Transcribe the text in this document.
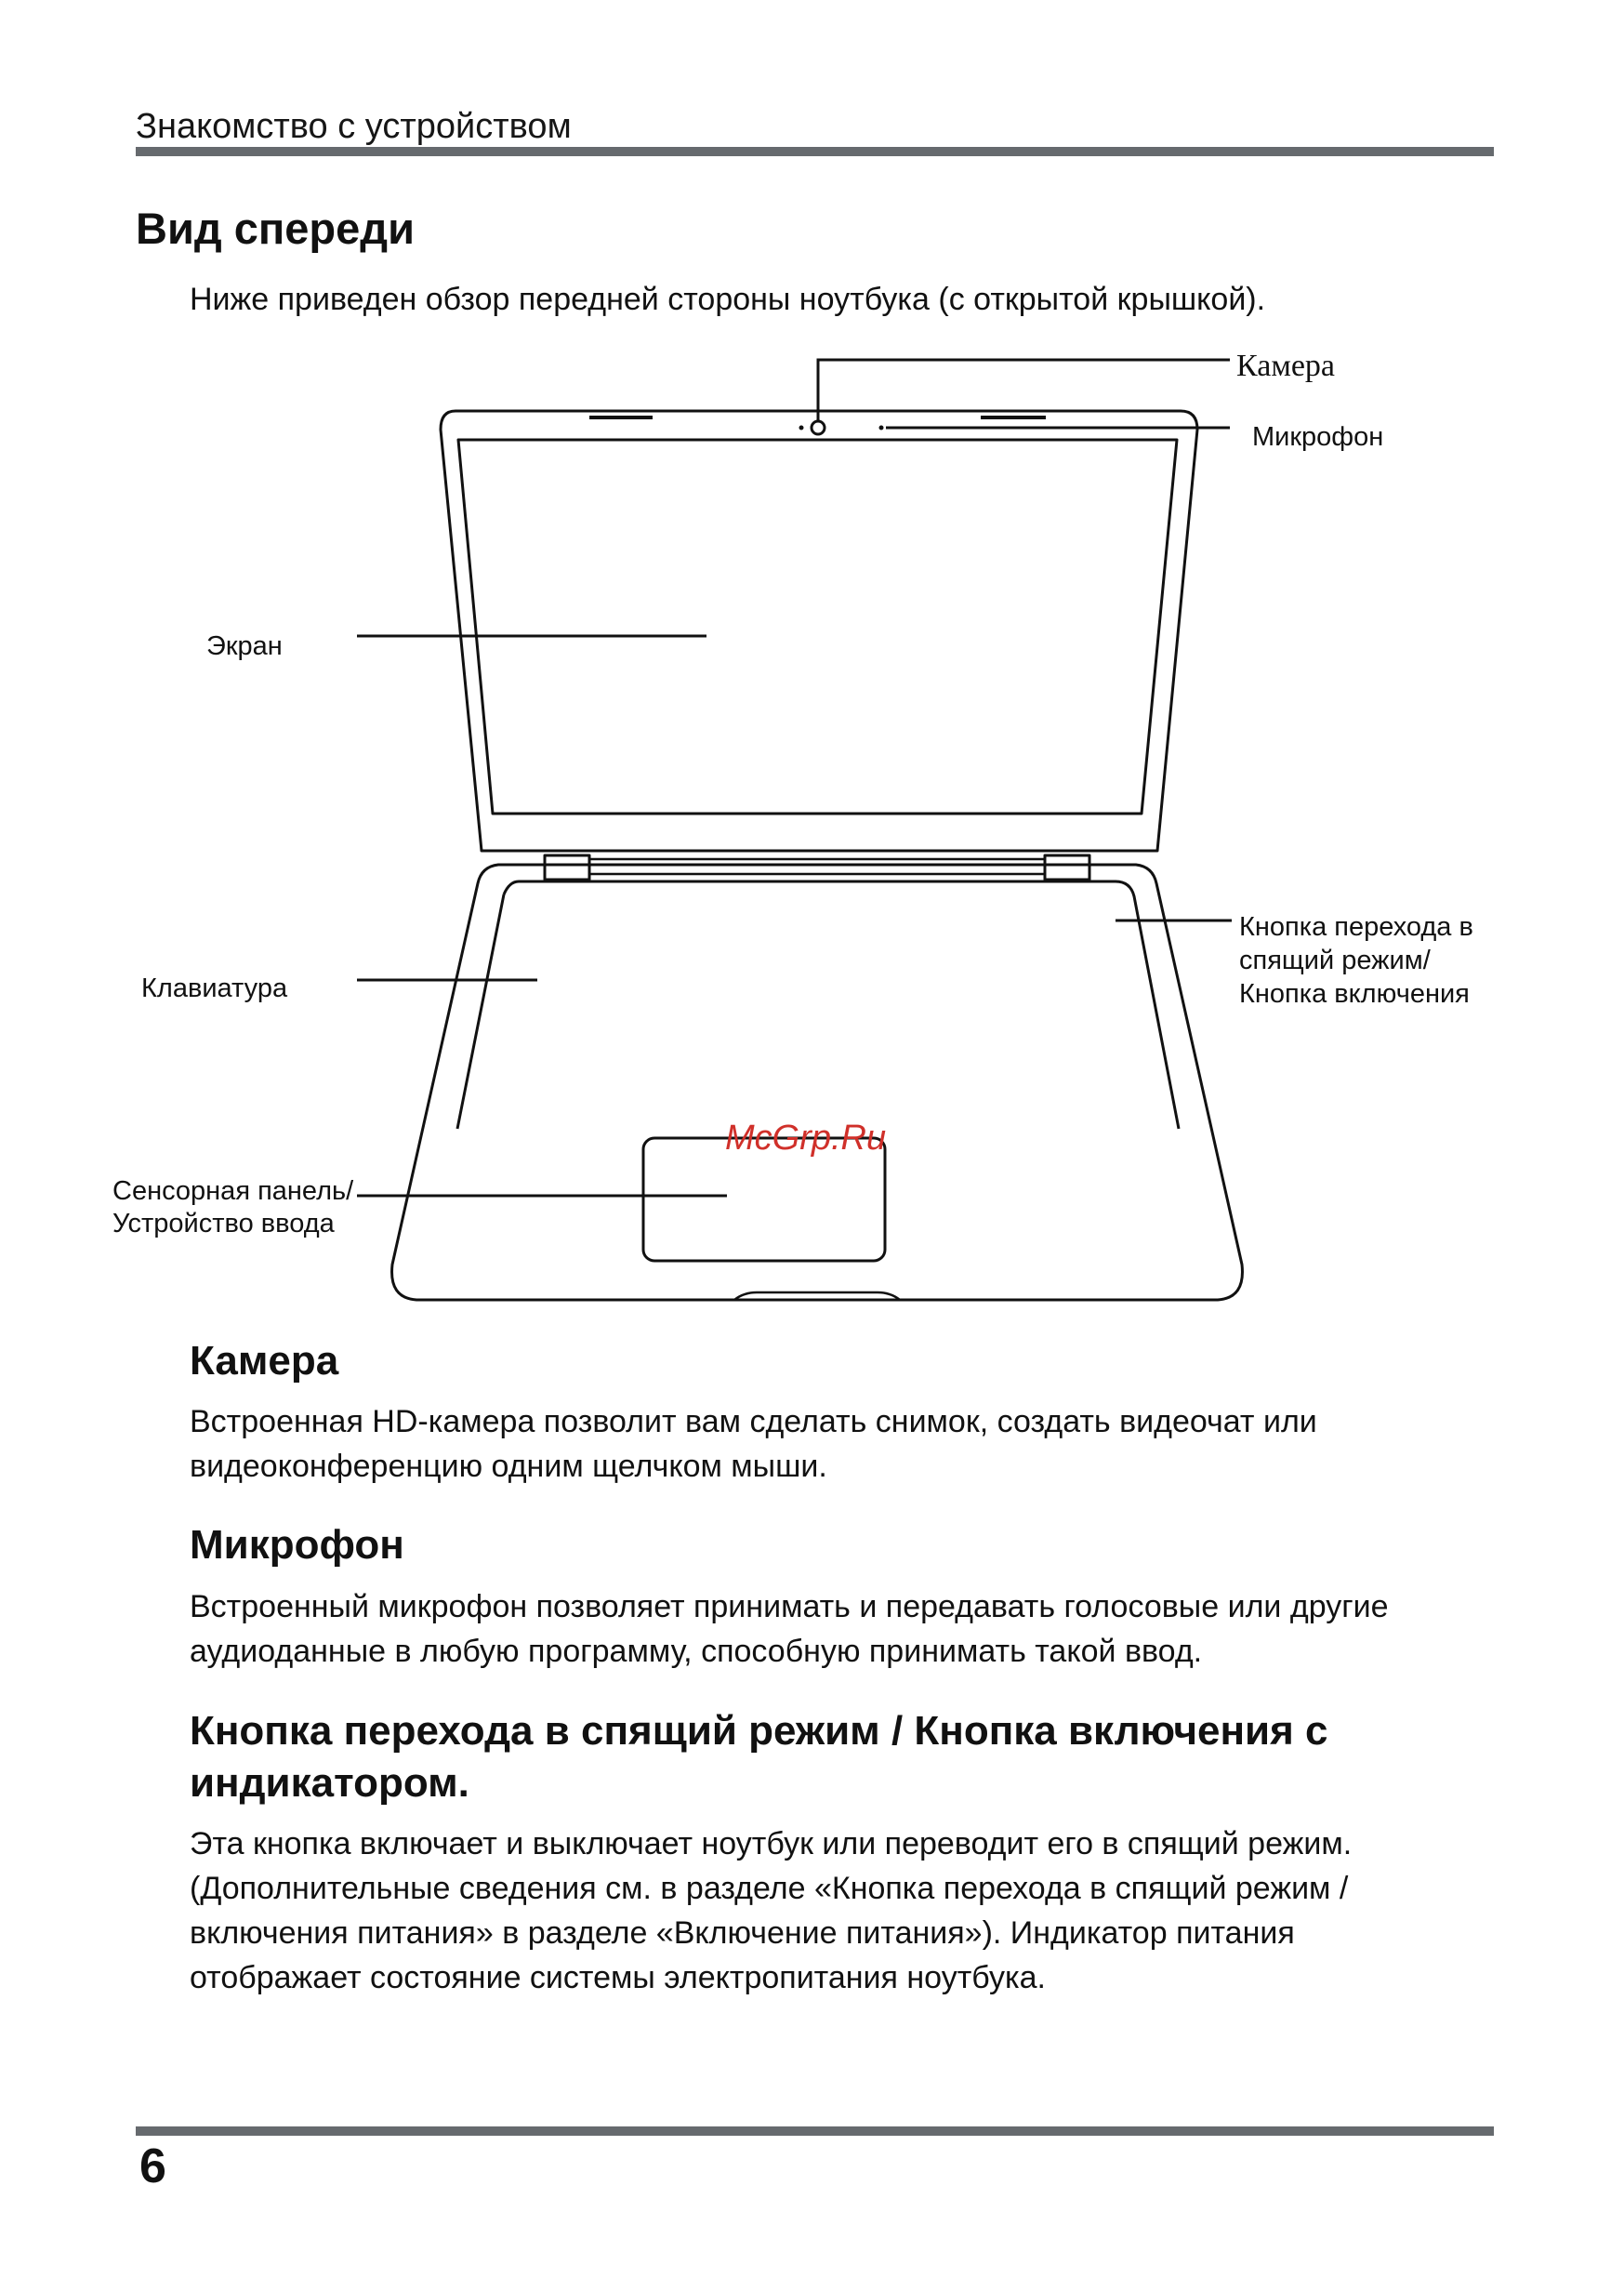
Знакомство с устройством
Вид спереди
Ниже приведен обзор передней стороны ноутбука (с открытой крышкой).
Камера
Микрофон
Экран
Клавиатура
Кнопка перехода в
спящий режим/
Кнопка включения
Сенсорная панель/
Устройство ввода
McGrp.Ru
Камера

Встроенная HD-камера позволит вам сделать снимок, создать видеочат или

видеоконференцию одним щелчком мыши.

Микрофон

Встроенный микрофон позволяет принимать и передавать голосовые или другие

аудиоданные в любую программу, способную принимать такой ввод.

Кнопка перехода в спящий режим / Кнопка включения с
индикатором.

Эта кнопка включает и выключает ноутбук или переводит его в спящий режим.

(Дополнительные сведения см. в разделе «Кнопка перехода в спящий режим /

включения питания» в разделе «Включение питания»). Индикатор питания

отображает состояние системы электропитания ноутбука.

6
